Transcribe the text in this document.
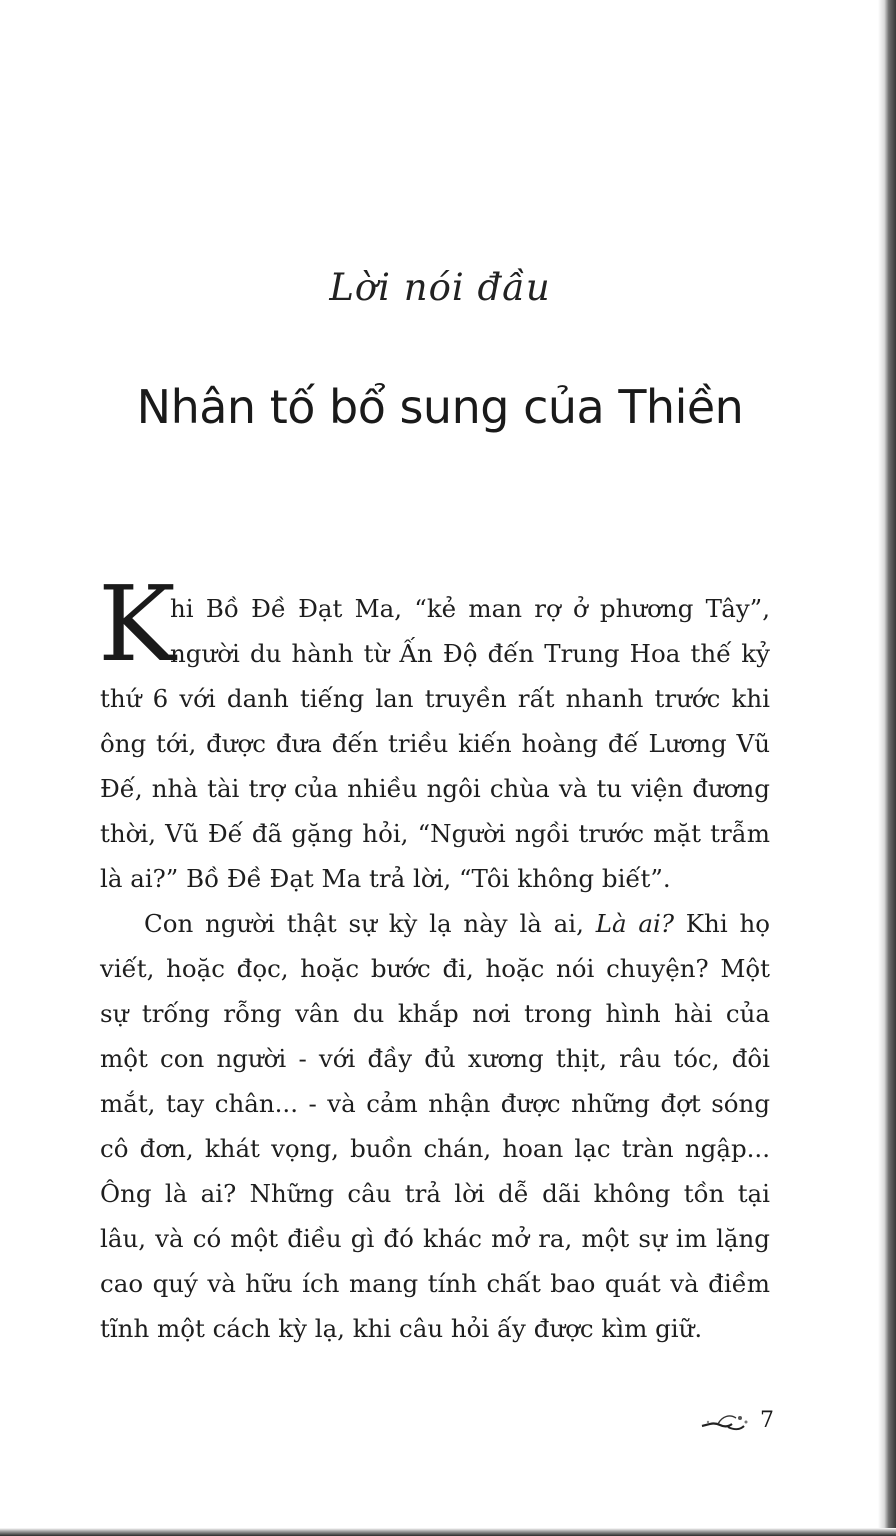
Lời nói đầu
Nhân tố bổ sung của Thiền
K
hi Bồ Đề Đạt Ma, “kẻ man rợ ở phương Tây”,
người du hành từ Ấn Độ đến Trung Hoa thế kỷ
thứ 6 với danh tiếng lan truyền rất nhanh trước khi
ông tới, được đưa đến triều kiến hoàng đế Lương Vũ
Đế, nhà tài trợ của nhiều ngôi chùa và tu viện đương
thời, Vũ Đế đã gặng hỏi, “Người ngồi trước mặt trẫm
là ai?” Bồ Đề Đạt Ma trả lời, “Tôi không biết”.
Con người thật sự kỳ lạ này là ai, Là ai? Khi họ
viết, hoặc đọc, hoặc bước đi, hoặc nói chuyện? Một
sự trống rỗng vân du khắp nơi trong hình hài của
một con người - với đầy đủ xương thịt, râu tóc, đôi
mắt, tay chân... - và cảm nhận được những đợt sóng
cô đơn, khát vọng, buồn chán, hoan lạc tràn ngập...
Ông là ai? Những câu trả lời dễ dãi không tồn tại
lâu, và có một điều gì đó khác mở ra, một sự im lặng
cao quý và hữu ích mang tính chất bao quát và điềm
tĩnh một cách kỳ lạ, khi câu hỏi ấy được kìm giữ.
7
